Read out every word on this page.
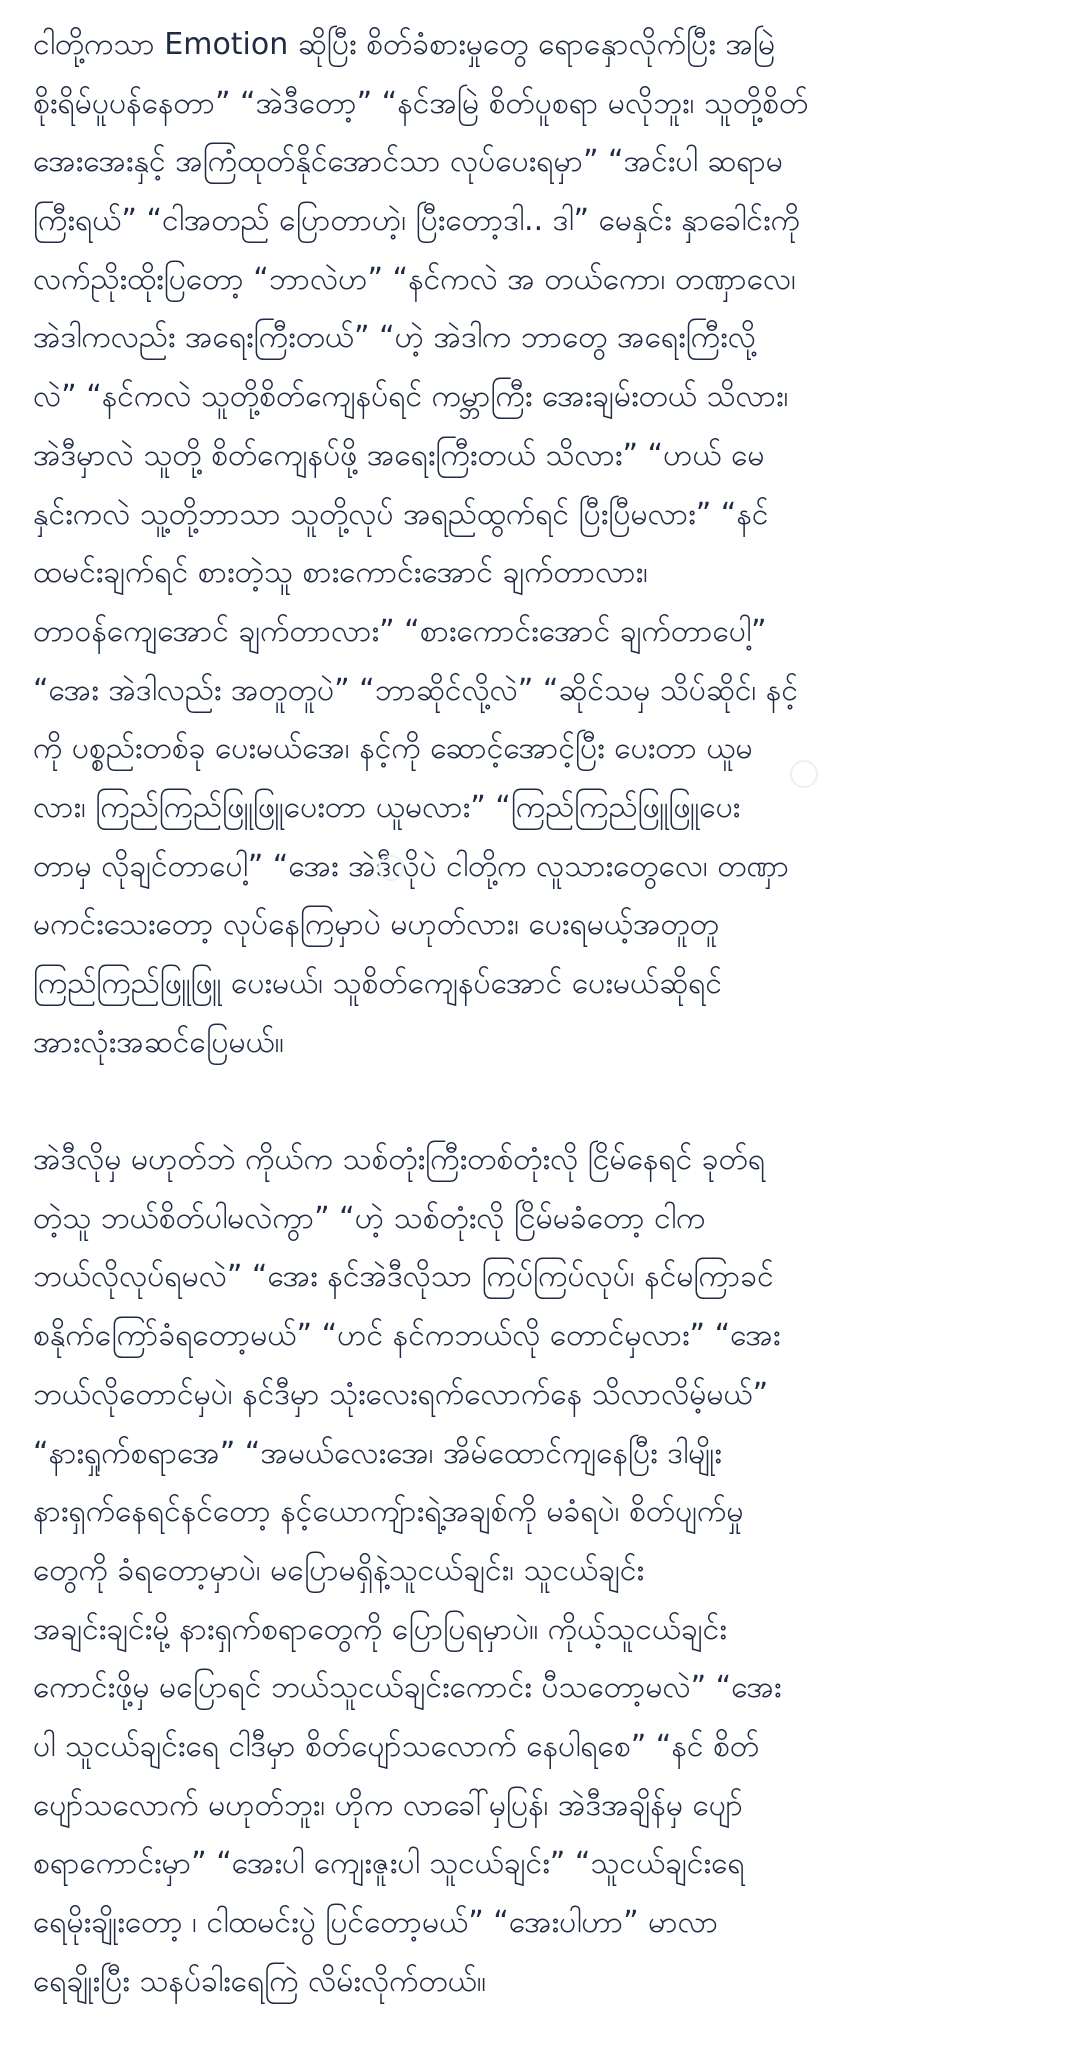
ငါတို့ကသာ Emotion ဆိုပြီး စိတ်ခံစားမှုတွေ ရောနှောလိုက်ပြီး အမြဲ
စိုးရိမ်ပူပန်နေတာ” “အဲဒီတော့” “နင်အမြဲ စိတ်ပူစရာ မလိုဘူး၊ သူတို့စိတ်
အေးအေးနှင့် အကြံထုတ်နိုင်အောင်သာ လုပ်ပေးရမှာ” “အင်းပါ ဆရာမ
ကြီးရယ်” “ငါအတည် ပြောတာဟဲ့၊ ပြီးတော့ဒါ.. ဒါ” မေနှင်း နှာခေါင်းကို
လက်ညိုးထိုးပြတော့ “ဘာလဲဟ” “နင်ကလဲ အ တယ်ကော၊ တဏှာလေ၊
အဲဒါကလည်း အရေးကြီးတယ်” “ဟဲ့ အဲဒါက ဘာတွေ အရေးကြီးလို့
လဲ” “နင်ကလဲ သူတို့စိတ်ကျေနပ်ရင် ကမ္ဘာကြီး အေးချမ်းတယ် သိလား၊
အဲဒီမှာလဲ သူတို့ စိတ်ကျေနပ်ဖို့ အရေးကြီးတယ် သိလား” “ဟယ် မေ
နှင်းကလဲ သူ့တို့ဘာသာ သူတို့လုပ် အရည်ထွက်ရင် ပြီးပြီမလား” “နင်
ထမင်းချက်ရင် စားတဲ့သူ စားကောင်းအောင် ချက်တာလား၊
တာဝန်ကျေအောင် ချက်တာလား” “စားကောင်းအောင် ချက်တာပေါ့”
“အေး အဲဒါလည်း အတူတူပဲ” “ဘာဆိုင်လို့လဲ” “ဆိုင်သမှ သိပ်ဆိုင်၊ နင့်
ကို ပစ္စည်းတစ်ခု ပေးမယ်အေ၊ နင့်ကို ဆောင့်အောင့်ပြီး ပေးတာ ယူမ
လား၊ ကြည်ကြည်ဖြူဖြူပေးတာ ယူမလား” “ကြည်ကြည်ဖြူဖြူပေး
တာမှ လိုချင်တာပေါ့” “အေး အဲဒီလိုပဲ ငါတို့က လူသားတွေလေ၊ တဏှာ
မကင်းသေးတော့ လုပ်နေကြမှာပဲ မဟုတ်လား၊ ပေးရမယ့်အတူတူ
ကြည်ကြည်ဖြူဖြူ ပေးမယ်၊ သူစိတ်ကျေနပ်အောင် ပေးမယ်ဆိုရင်
အားလုံးအဆင်ပြေမယ်။
အဲဒီလိုမှ မဟုတ်ဘဲ ကိုယ်က သစ်တုံးကြီးတစ်တုံးလို ငြိမ်နေရင် ခုတ်ရ
တဲ့သူ ဘယ်စိတ်ပါမလဲကွာ” “ဟဲ့ သစ်တုံးလို ငြိမ်မခံတော့ ငါက
ဘယ်လိုလုပ်ရမလဲ” “အေး နင်အဲဒီလိုသာ ကြပ်ကြပ်လုပ်၊ နင်မကြာခင်
စနိုက်ကြော်ခံရတော့မယ်” “ဟင် နင်ကဘယ်လို တောင်မှလား” “အေး
ဘယ်လိုတောင်မှပဲ၊ နင်ဒီမှာ သုံးလေးရက်လောက်နေ သိလာလိမ့်မယ်”
“နားရှုက်စရာအေ” “အမယ်လေးအေ၊ အိမ်ထောင်ကျနေပြီး ဒါမျိုး
နားရှက်နေရင်နင်တော့ နင့်ယောကျ်ားရဲ့အချစ်ကို မခံရပဲ၊ စိတ်ပျက်မှု
တွေကို ခံရတော့မှာပဲ၊ မပြောမရှိနဲ့သူငယ်ချင်း၊ သူငယ်ချင်း
အချင်းချင်းမို့ နားရှက်စရာတွေကို ပြောပြရမှာပဲ။ ကိုယ့်သူငယ်ချင်း
ကောင်းဖို့မှ မပြောရင် ဘယ်သူငယ်ချင်းကောင်း ပီသတော့မလဲ” “အေး
ပါ သူငယ်ချင်းရေ ငါဒီမှာ စိတ်ပျော်သလောက် နေပါရစေ” “နင် စိတ်
ပျော်သလောက် မဟုတ်ဘူး၊ ဟိုက လာခေါ်မှပြန်၊ အဲဒီအချိန်မှ ပျော်
စရာကောင်းမှာ” “အေးပါ ကျေးဇူးပါ သူငယ်ချင်း” “သူငယ်ချင်းရေ
ရေမိုးချိုးတော့ ၊ ငါထမင်းပွဲ ပြင်တော့မယ်” “အေးပါဟာ” မာလာ
ရေချိုးပြီး သနပ်ခါးရေကြဲ လိမ်းလိုက်တယ်။
